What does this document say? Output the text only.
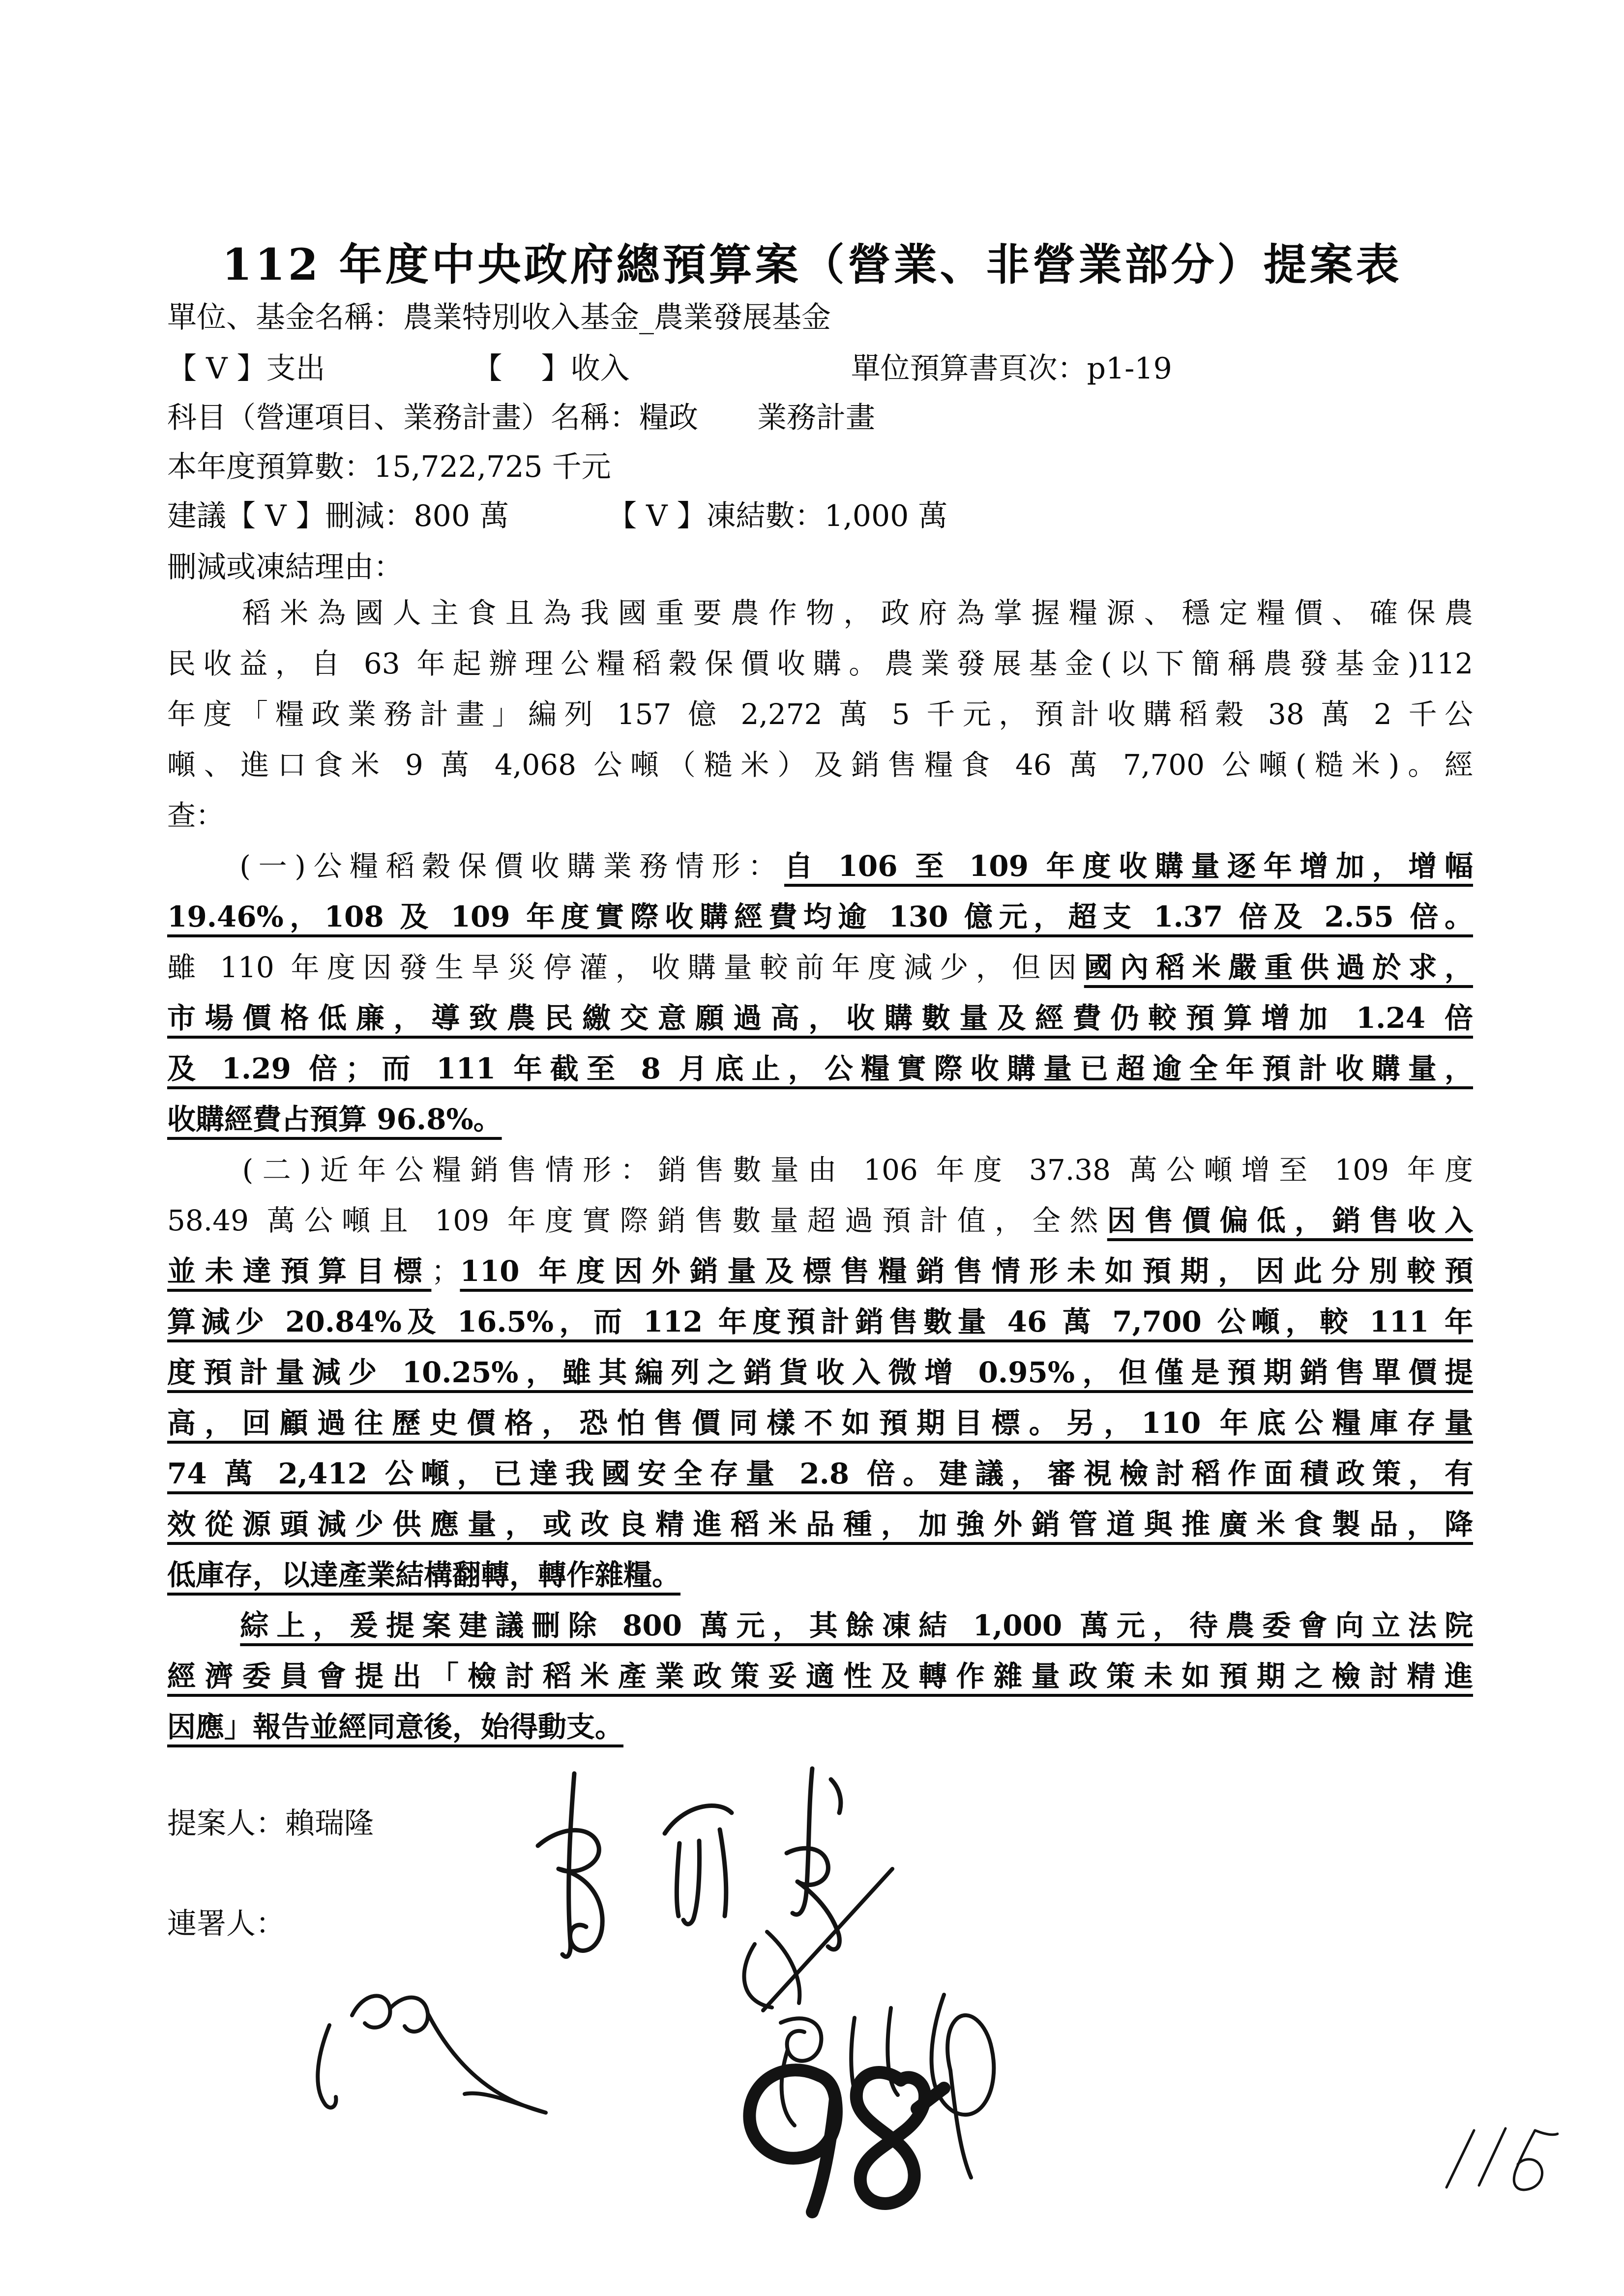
112 年度中央政府總預算案（營業、非營業部分）提案表
單位、基金名稱：農業特別收入基金_農業發展基金
【 V 】支出	【　 】收入	單位預算書頁次：p1-19
科目（營運項目、業務計畫）名稱：糧政 業務計畫
本年度預算數：15,722,725 千元
建議【 V 】刪減：800 萬	【 V 】凍結數：1,000 萬
刪減或凍結理由：
　　稻米為國人主食且為我國重要農作物，政府為掌握糧源、穩定糧價、確保農
民收益，自 63 年起辦理公糧稻穀保價收購。農業發展基金(以下簡稱農發基金)112
年度「糧政業務計畫」編列 157 億 2,272 萬 5 千元，預計收購稻穀 38 萬 2 千公
噸、進口食米 9 萬 4,068 公噸（糙米）及銷售糧食 46 萬 7,700 公噸(糙米)。經
查：
　　(一)公糧稻穀保價收購業務情形：自 106 至 109 年度收購量逐年增加，增幅
19.46%，108 及 109 年度實際收購經費均逾 130 億元，超支 1.37 倍及 2.55 倍。
雖 110 年度因發生旱災停灌，收購量較前年度減少，但因國內稻米嚴重供過於求，
市場價格低廉，導致農民繳交意願過高，收購數量及經費仍較預算增加 1.24 倍
及 1.29 倍；而 111 年截至 8 月底止，公糧實際收購量已超逾全年預計收購量，
收購經費占預算 96.8%。
　　(二)近年公糧銷售情形：銷售數量由 106 年度 37.38 萬公噸增至 109 年度
58.49 萬公噸且 109 年度實際銷售數量超過預計值，全然因售價偏低，銷售收入
並未達預算目標；110 年度因外銷量及標售糧銷售情形未如預期，因此分別較預
算減少 20.84%及 16.5%，而 112 年度預計銷售數量 46 萬 7,700 公噸，較 111 年
度預計量減少 10.25%，雖其編列之銷貨收入微增 0.95%，但僅是預期銷售單價提
高，回顧過往歷史價格，恐怕售價同樣不如預期目標。另，110 年底公糧庫存量
74 萬 2,412 公噸，已達我國安全存量 2.8 倍。建議，審視檢討稻作面積政策，有
效從源頭減少供應量，或改良精進稻米品種，加強外銷管道與推廣米食製品，降
低庫存，以達產業結構翻轉，轉作雜糧。
　　綜上，爰提案建議刪除 800 萬元，其餘凍結 1,000 萬元，待農委會向立法院
經濟委員會提出「檢討稻米產業政策妥適性及轉作雜量政策未如預期之檢討精進
因應」報告並經同意後，始得動支。
提案人：賴瑞隆
連署人：
